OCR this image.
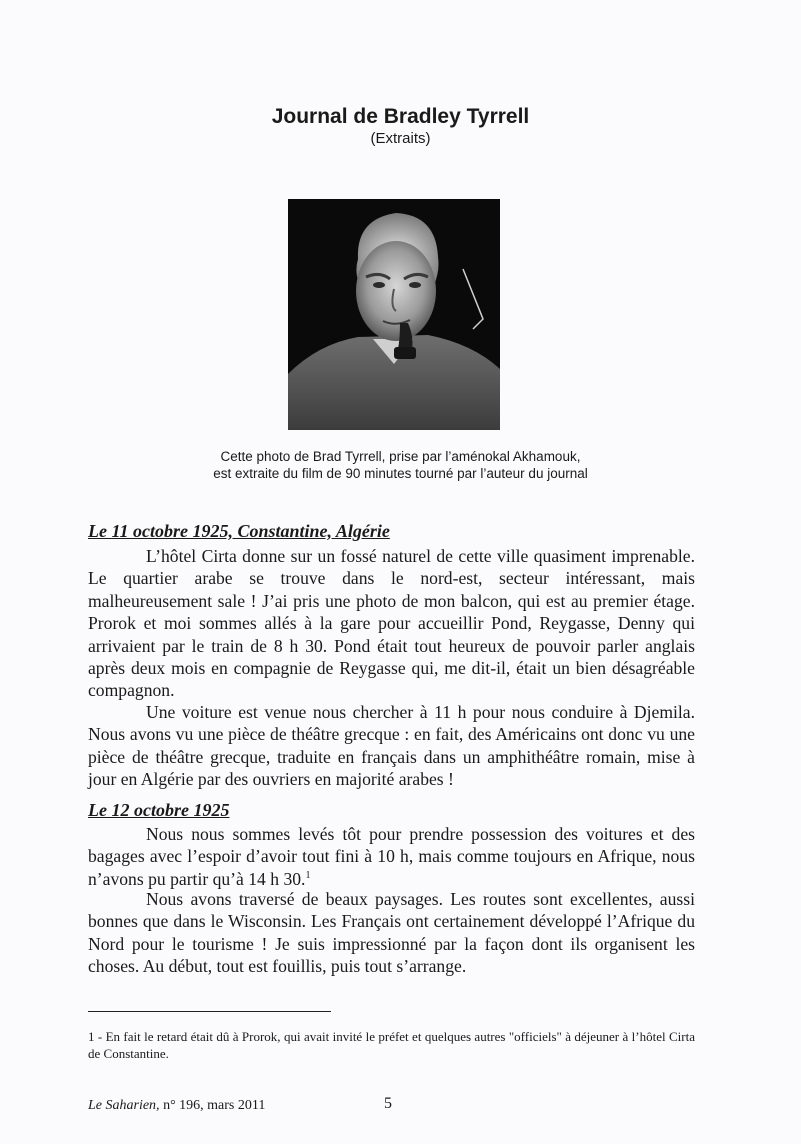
Journal de Bradley Tyrrell
(Extraits)
Cette photo de Brad Tyrrell, prise par l’aménokal Akhamouk,
est extraite du film de 90 minutes tourné par l’auteur du journal
Le 11 octobre 1925, Constantine, Algérie

L’hôtel Cirta donne sur un fossé naturel de cette ville quasiment imprenable. Le quartier arabe se trouve dans le nord-est, secteur intéressant, mais malheureusement sale ! J’ai pris une photo de mon balcon, qui est au premier étage. Prorok et moi sommes allés à la gare pour accueillir Pond, Reygasse, Denny qui arrivaient par le train de 8 h 30. Pond était tout heureux de pouvoir parler anglais après deux mois en compagnie de Reygasse qui, me dit-il, était un bien désagréable compagnon.

Une voiture est venue nous chercher à 11 h pour nous conduire à Djemila. Nous avons vu une pièce de théâtre grecque : en fait, des Américains ont donc vu une pièce de théâtre grecque, traduite en français dans un amphithéâtre romain, mise à jour en Algérie par des ouvriers en majorité arabes !

Le 12 octobre 1925

Nous nous sommes levés tôt pour prendre possession des voitures et des bagages avec l’espoir d’avoir tout fini à 10 h, mais comme toujours en Afrique, nous n’avons pu partir qu’à 14 h 30.$^1$

Nous avons traversé de beaux paysages. Les routes sont excellentes, aussi bonnes que dans le Wisconsin. Les Français ont certainement développé l’Afrique du Nord pour le tourisme ! Je suis impressionné par la façon dont ils organisent les choses. Au début, tout est fouillis, puis tout s’arrange.

1 - En fait le retard était dû à Prorok, qui avait invité le préfet et quelques autres "officiels" à déjeuner à l’hôtel Cirta de Constantine.

Le Saharien, n° 196, mars 2011	5
